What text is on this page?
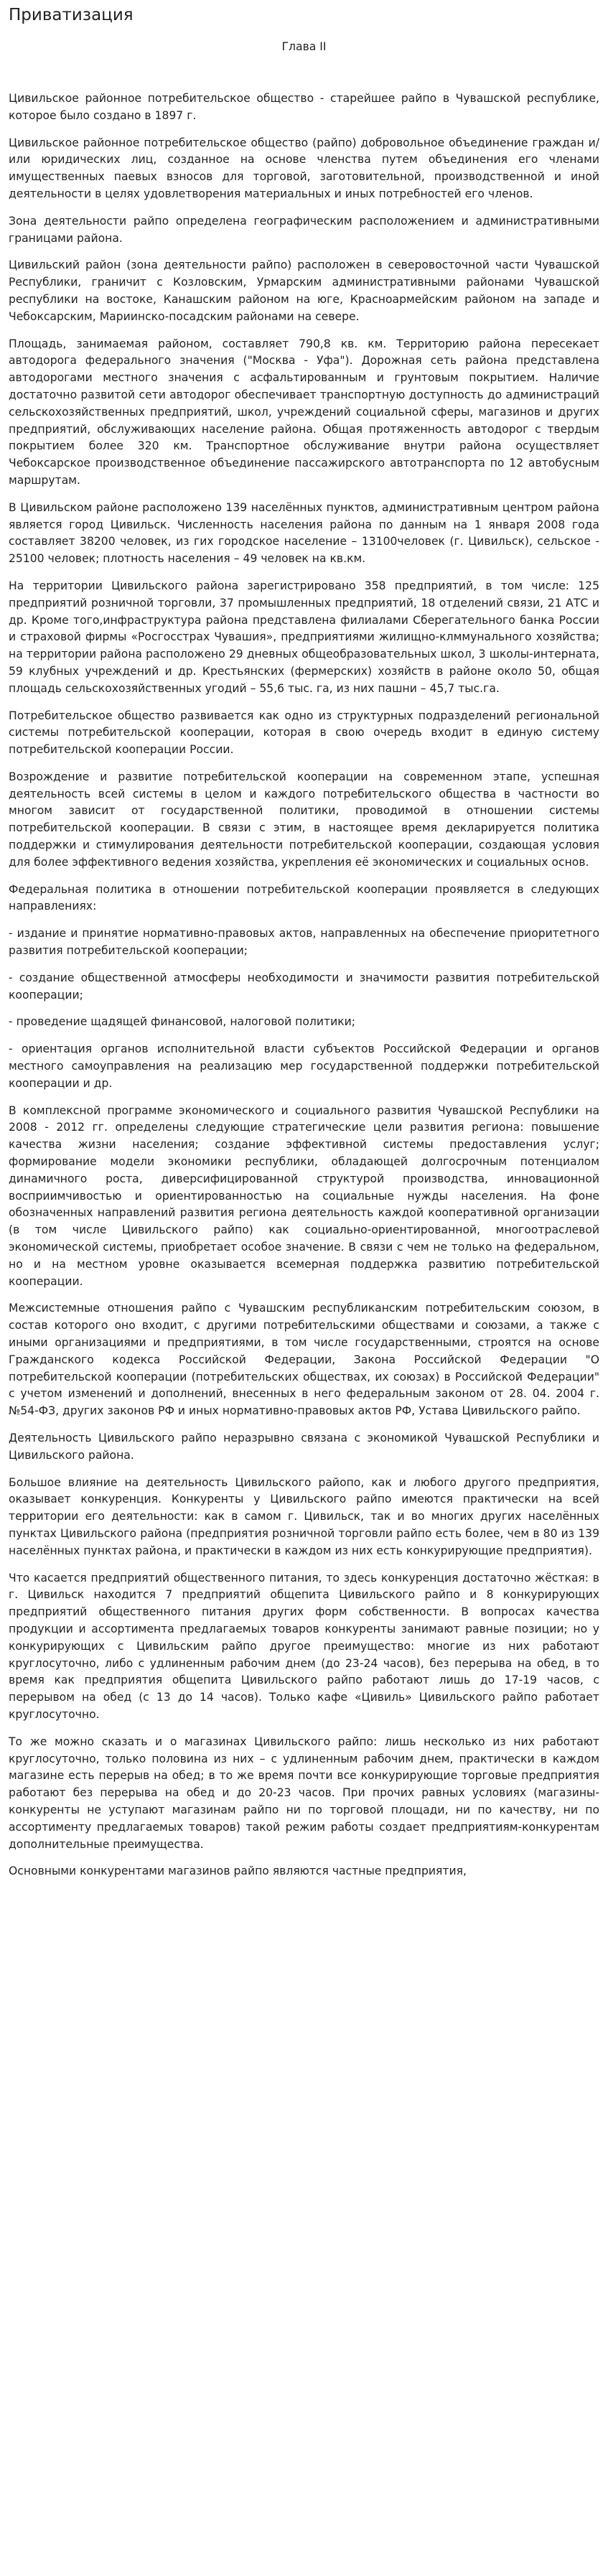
Приватизация
Глава II

Цивильское районное потребительское общество - старейшее райпо в Чувашской республике, которое было создано в 1897 г.

Цивильское районное потребительское общество (райпо) добровольное объединение граждан и/или юридических лиц, созданное на основе членства путем объединения его членами имущественных паевых взносов для торговой, заготовительной, производственной и иной деятельности в целях удовлетворения материальных и иных потребностей его членов.

Зона деятельности райпо определена географическим расположением и административными границами района.

Цивильский район (зона деятельности райпо) расположен в северовосточной части Чувашской Республики, граничит с Козловским, Урмарским административными районами Чувашской республики на востоке, Канашским районом на юге, Красноармейским районом на западе и Чебоксарским, Мариинско-посадским районами на севере.

Площадь, занимаемая районом, составляет 790,8 кв. км. Территорию района пересекает автодорога федерального значения ("Москва - Уфа"). Дорожная сеть района представлена автодорогами местного значения с асфальтированным и грунтовым покрытием. Наличие достаточно развитой сети автодорог обеспечивает транспортную доступность до администраций сельскохозяйственных предприятий, школ, учреждений социальной сферы, магазинов и других предприятий, обслуживающих население района. Общая протяженность автодорог с твердым покрытием более 320 км. Транспортное обслуживание внутри района осуществляет Чебоксарское производственное объединение пассажирского автотранспорта по 12 автобусным маршрутам.

В Цивильском районе расположено 139 населённых пунктов, административным центром района является город Цивильск. Численность населения района по данным на 1 января 2008 года составляет 38200 человек, из гих городское население – 13100человек (г. Цивильск), сельское - 25100 человек; плотность населения – 49 человек на кв.км.

На территории Цивильского района зарегистрировано 358 предприятий, в том числе: 125 предприятий розничной торговли, 37 промышленных предприятий, 18 отделений связи, 21 АТС и др. Кроме того,инфраструктура района представлена филиалами Сберегательного банка России и страховой фирмы «Росгосстрах Чувашия», предприятиями жилищно-клммунального хозяйства; на территории района расположено 29 дневных общеобразовательных школ, 3 школы-интерната, 59 клубных учреждений и др. Крестьянских (фермерских) хозяйств в районе около 50, общая площадь сельскохозяйственных угодий – 55,6 тыс. га, из них пашни – 45,7 тыс.га.

Потребительское общество развивается как одно из структурных подразделений региональной системы потребительской кооперации, которая в свою очередь входит в единую систему потребительской кооперации России.

Возрождение и развитие потребительской кооперации на современном этапе, успешная деятельность всей системы в целом и каждого потребительского общества в частности во многом зависит от государственной политики, проводимой в отношении системы потребительской кооперации. В связи с этим, в настоящее время декларируется политика поддержки и стимулирования деятельности потребительской кооперации, создающая условия для более эффективного ведения хозяйства, укрепления её экономических и социальных основ.

Федеральная политика в отношении потребительской кооперации проявляется в следующих направлениях:

- издание и принятие нормативно-правовых актов, направленных на обеспечение приоритетного развития потребительской кооперации;

- создание общественной атмосферы необходимости и значимости развития потребительской кооперации;

- проведение щадящей финансовой, налоговой политики;

- ориентация органов исполнительной власти субъектов Российской Федерации и органов местного самоуправления на реализацию мер государственной поддержки потребительской кооперации и др.

В комплексной программе экономического и социального развития Чувашской Республики на 2008 - 2012 гг. определены следующие стратегические цели развития региона: повышение качества жизни населения; создание эффективной системы предоставления услуг; формирование модели экономики республики, обладающей долгосрочным потенциалом динамичного роста, диверсифицированной структурой производства, инновационной восприимчивостью и ориентированностью на социальные нужды населения. На фоне обозначенных направлений развития региона деятельность каждой кооперативной организации (в том числе Цивильского райпо) как социально-ориентированной, многоотраслевой экономической системы, приобретает особое значение. В связи с чем не только на федеральном, но и на местном уровне оказывается всемерная поддержка развитию потребительской кооперации.

Межсистемные отношения райпо с Чувашским республиканским потребительским союзом, в состав которого оно входит, с другими потребительскими обществами и союзами, а также с иными организациями и предприятиями, в том числе государственными, строятся на основе Гражданского кодекса Российской Федерации, Закона Российской Федерации "О потребительской кооперации (потребительских обществах, их союзах) в Российской Федерации" с учетом изменений и дополнений, внесенных в него федеральным законом от 28. 04. 2004 г. №54-ФЗ, других законов РФ и иных нормативно-правовых актов РФ, Устава Цивильского райпо.

Деятельность Цивильского райпо неразрывно связана с экономикой Чувашской Республики и Цивильского района.

Большое влияние на деятельность Цивильского райопо, как и любого другого предприятия, оказывает конкуренция. Конкуренты у Цивильского райпо имеются практически на всей территории его деятельности: как в самом г. Цивильск, так и во многих других населённых пунктах Цивильского района (предприятия розничной торговли райпо есть более, чем в 80 из 139 населённых пунктах района, и практически в каждом из них есть конкурирующие предприятия).

Что касается предприятий общественного питания, то здесь конкуренция достаточно жёсткая: в г. Цивильск находится 7 предприятий общепита Цивильского райпо и 8 конкурирующих предприятий общественного питания других форм собственности. В вопросах качества продукции и ассортимента предлагаемых товаров конкуренты занимают равные позиции; но у конкурирующих с Цивильским райпо другое преимущество: многие из них работают круглосуточно, либо с удлиненным рабочим днем (до 23-24 часов), без перерыва на обед, в то время как предприятия общепита Цивильского райпо работают лишь до 17-19 часов, с перерывом на обед (с 13 до 14 часов). Только кафе «Цивиль» Цивильского райпо работает круглосуточно.

То же можно сказать и о магазинах Цивильского райпо: лишь несколько из них работают круглосуточно, только половина из них – с удлиненным рабочим днем, практически в каждом магазине есть перерыв на обед; в то же время почти все конкурирующие торговые предприятия работают без перерыва на обед и до 20-23 часов. При прочих равных условиях (магазины-конкуренты не уступают магазинам райпо ни по торговой площади, ни по качеству, ни по ассортименту предлагаемых товаров) такой режим работы создает предприятиям-конкурентам дополнительные преимущества.

Основными конкурентами магазинов райпо являются частные предприятия,
